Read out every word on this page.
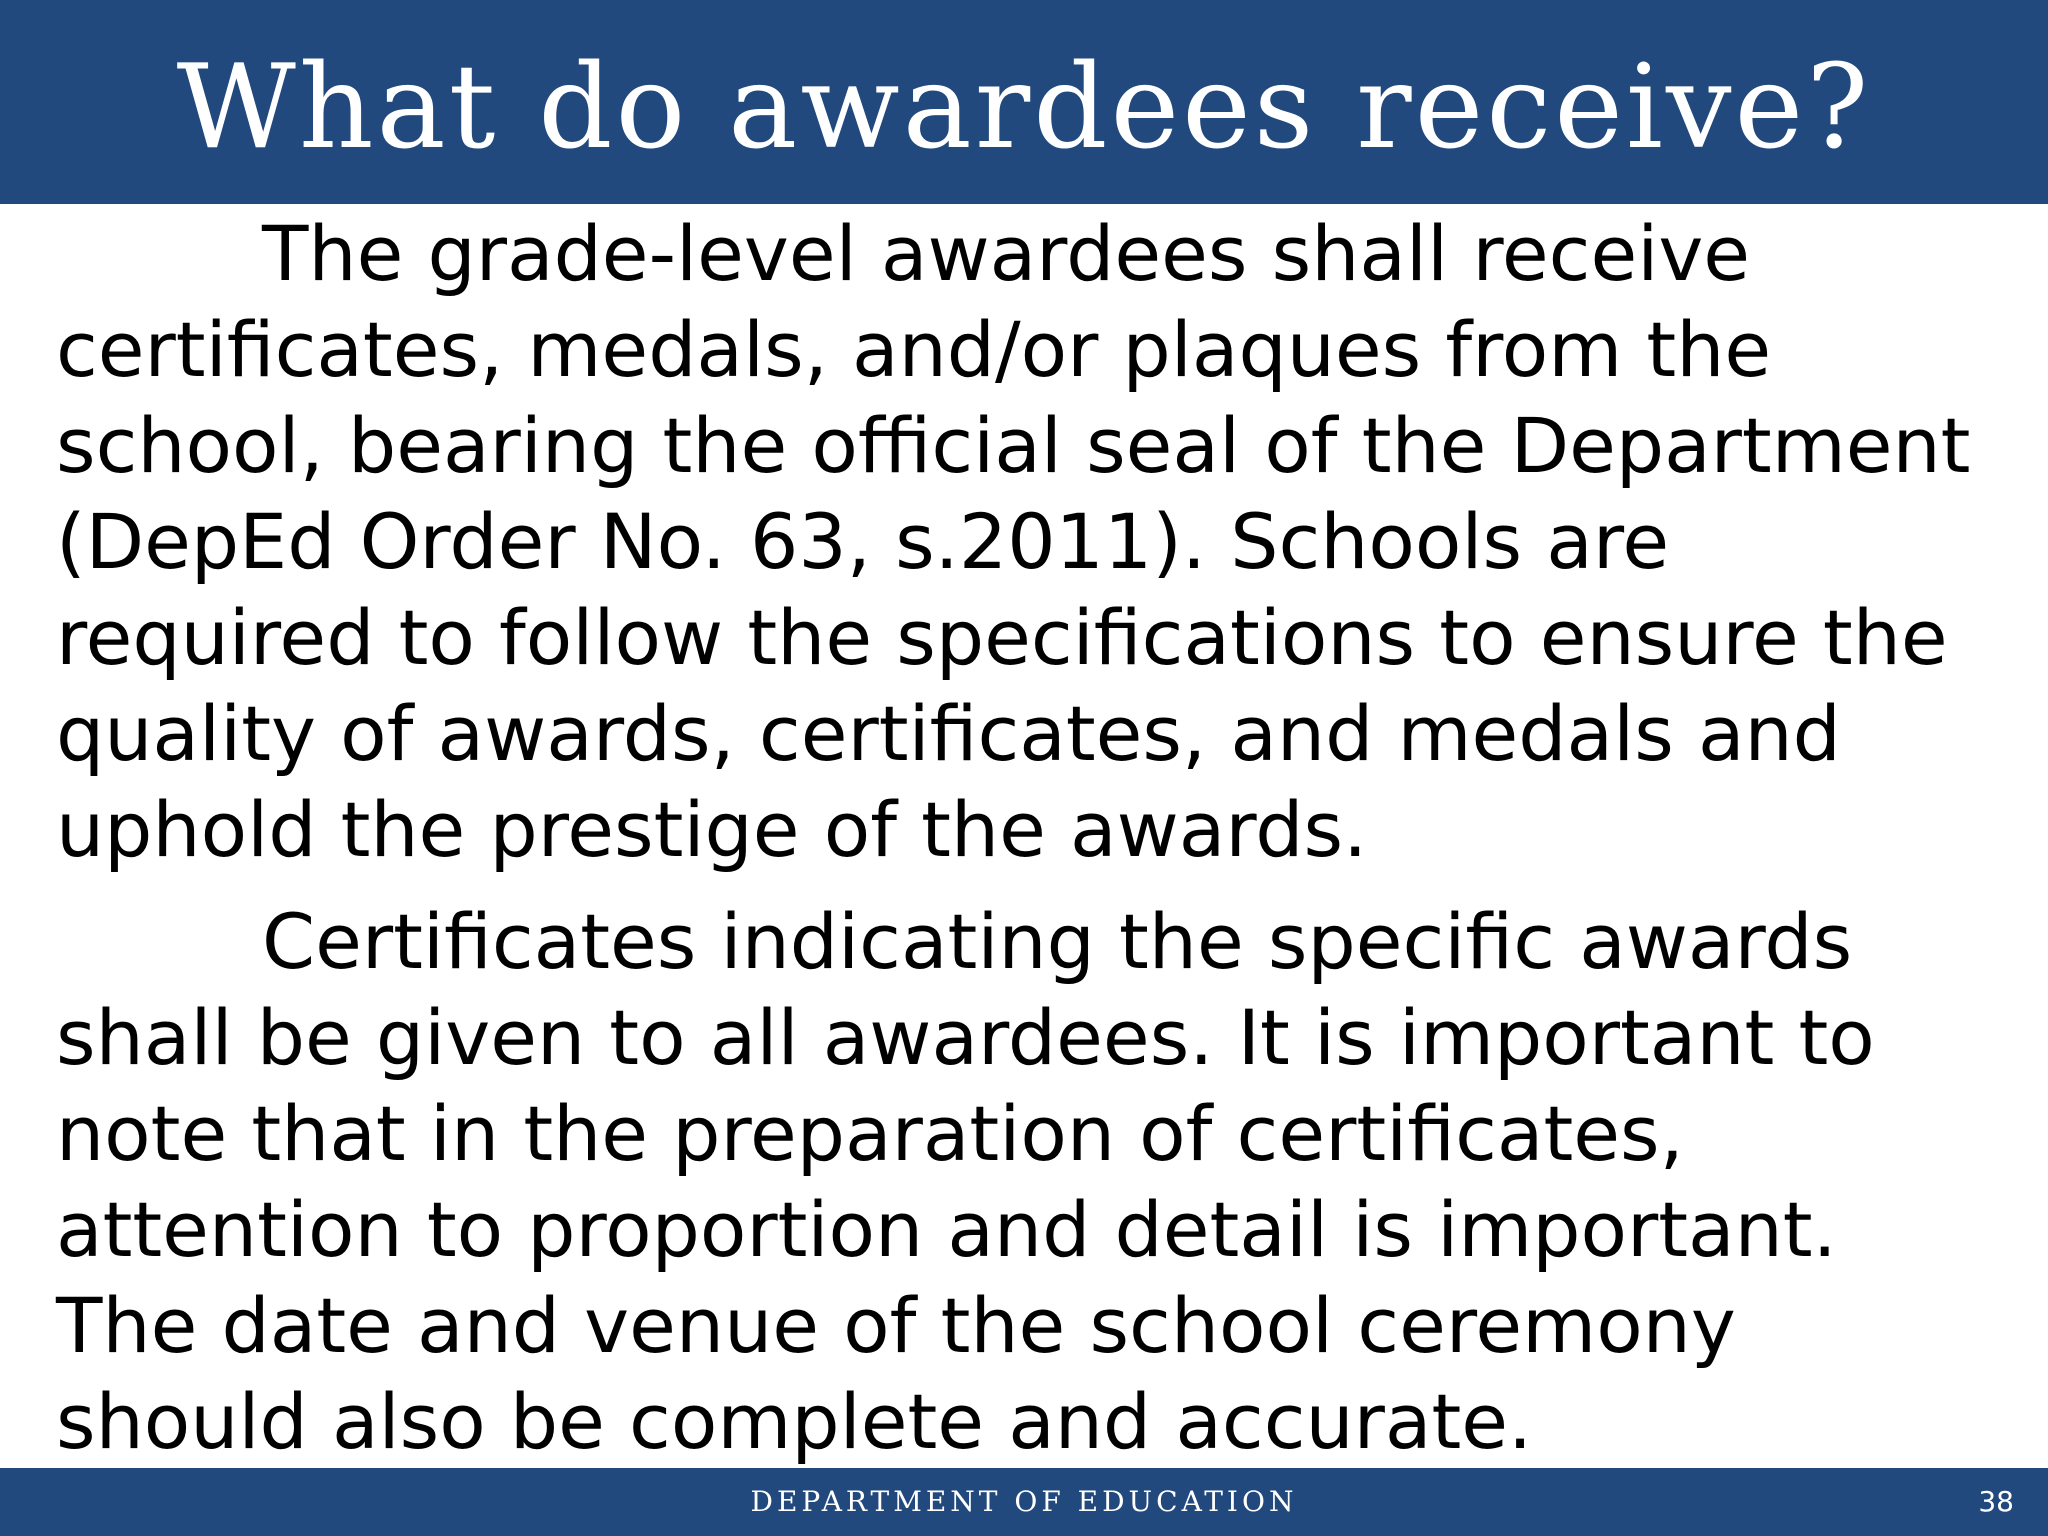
What do awardees receive?

The grade-level awardees shall receive certificates, medals, and/or plaques from the school, bearing the official seal of the Department (DepEd Order No. 63, s.2011). Schools are required to follow the specifications to ensure the quality of awards, certificates, and medals and uphold the prestige of the awards.

Certificates indicating the specific awards shall be given to all awardees. It is important to note that in the preparation of certificates, attention to proportion and detail is important. The date and venue of the school ceremony should also be complete and accurate.

DEPARTMENT OF EDUCATION	38
